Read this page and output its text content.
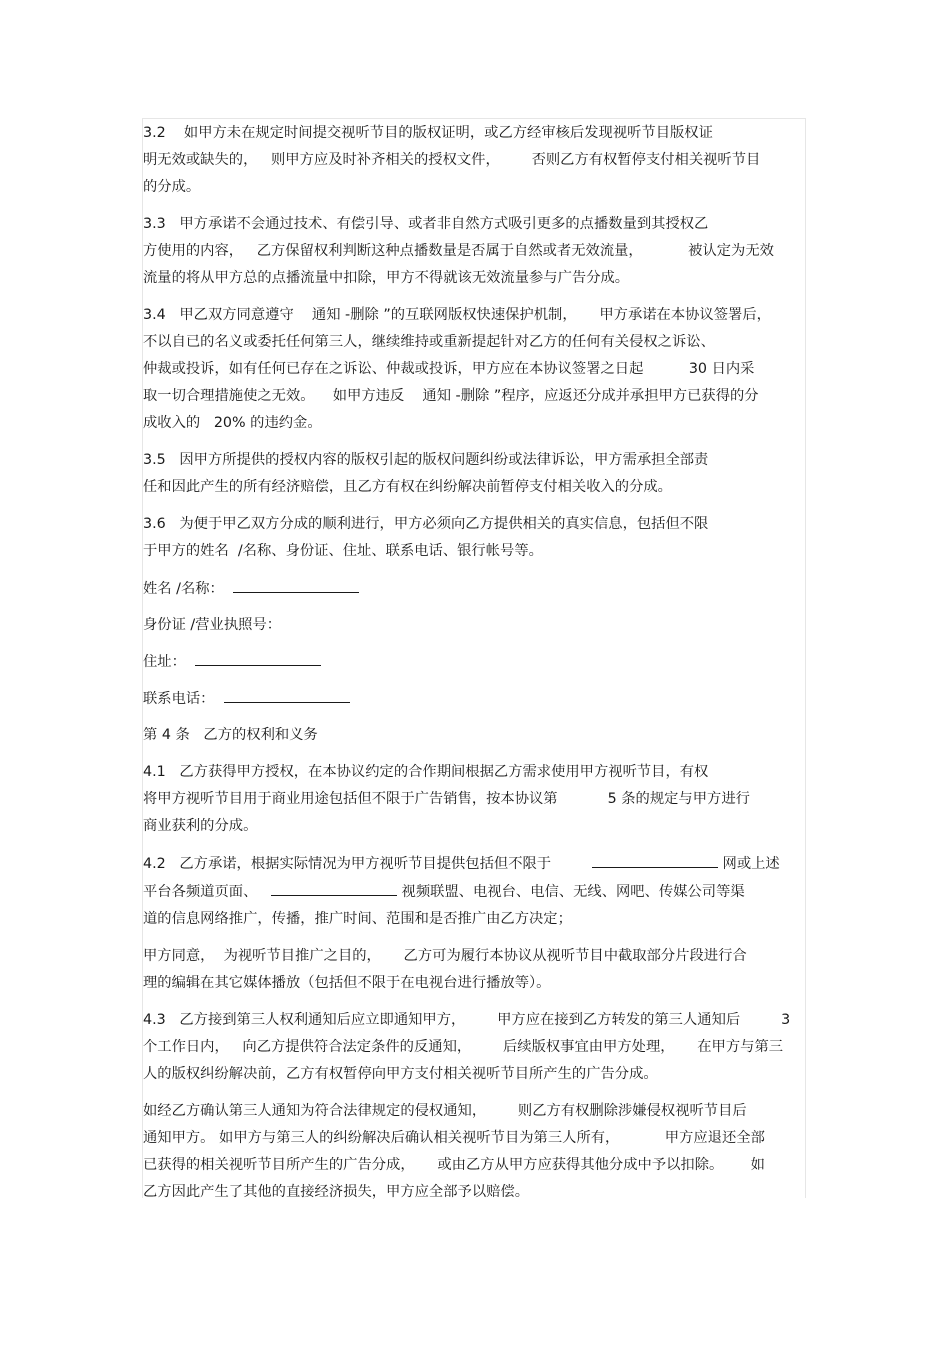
3.2    如甲方未在规定时间提交视听节目的版权证明，或乙方经审核后发现视听节目版权证
明无效或缺失的，   则甲方应及时补齐相关的授权文件，       否则乙方有权暂停支付相关视听节目
的分成。
3.3   甲方承诺不会通过技术、有偿引导、或者非自然方式吸引更多的点播数量到其授权乙
方使用的内容，   乙方保留权利判断这种点播数量是否属于自然或者无效流量，          被认定为无效
流量的将从甲方总的点播流量中扣除，甲方不得就该无效流量参与广告分成。
3.4   甲乙双方同意遵守    通知 -删除 ”的互联网版权快速保护机制，     甲方承诺在本协议签署后，
不以自已的名义或委托任何第三人，继续维持或重新提起针对乙方的任何有关侵权之诉讼、
仲裁或投诉，如有任何已存在之诉讼、仲裁或投诉，甲方应在本协议签署之日起          30 日内采
取一切合理措施使之无效。    如甲方违反    通知 -删除 ”程序，应返还分成并承担甲方已获得的分
成收入的   20% 的违约金。
3.5   因甲方所提供的授权内容的版权引起的版权问题纠纷或法律诉讼，甲方需承担全部责
任和因此产生的所有经济赔偿，且乙方有权在纠纷解决前暂停支付相关收入的分成。
3.6   为便于甲乙双方分成的顺利进行，甲方必须向乙方提供相关的真实信息，包括但不限
于甲方的姓名  /名称、身份证、住址、联系电话、银行帐号等。
姓名 /名称：
身份证 /营业执照号：
住址：
联系电话：
第 4 条   乙方的权利和义务
4.1   乙方获得甲方授权，在本协议约定的合作期间根据乙方需求使用甲方视听节目，有权
将甲方视听节目用于商业用途包括但不限于广告销售，按本协议第           5 条的规定与甲方进行
商业获利的分成。
4.2   乙方承诺，根据实际情况为甲方视听节目提供包括但不限于	网或上述
平台各频道页面、	视频联盟、电视台、电信、无线、网吧、传媒公司等渠
道的信息网络推广，传播，推广时间、范围和是否推广由乙方决定；
甲方同意，  为视听节目推广之目的，     乙方可为履行本协议从视听节目中截取部分片段进行合
理的编辑在其它媒体播放（包括但不限于在电视台进行播放等）。
4.3   乙方接到第三人权利通知后应立即通知甲方，       甲方应在接到乙方转发的第三人通知后         3
个工作日内，   向乙方提供符合法定条件的反通知，       后续版权事宜由甲方处理，     在甲方与第三
人的版权纠纷解决前，乙方有权暂停向甲方支付相关视听节目所产生的广告分成。
如经乙方确认第三人通知为符合法律规定的侵权通知，       则乙方有权删除涉嫌侵权视听节目后
通知甲方。 如甲方与第三人的纠纷解决后确认相关视听节目为第三人所有，          甲方应退还全部
已获得的相关视听节目所产生的广告分成，     或由乙方从甲方应获得其他分成中予以扣除。      如
乙方因此产生了其他的直接经济损失，甲方应全部予以赔偿。
